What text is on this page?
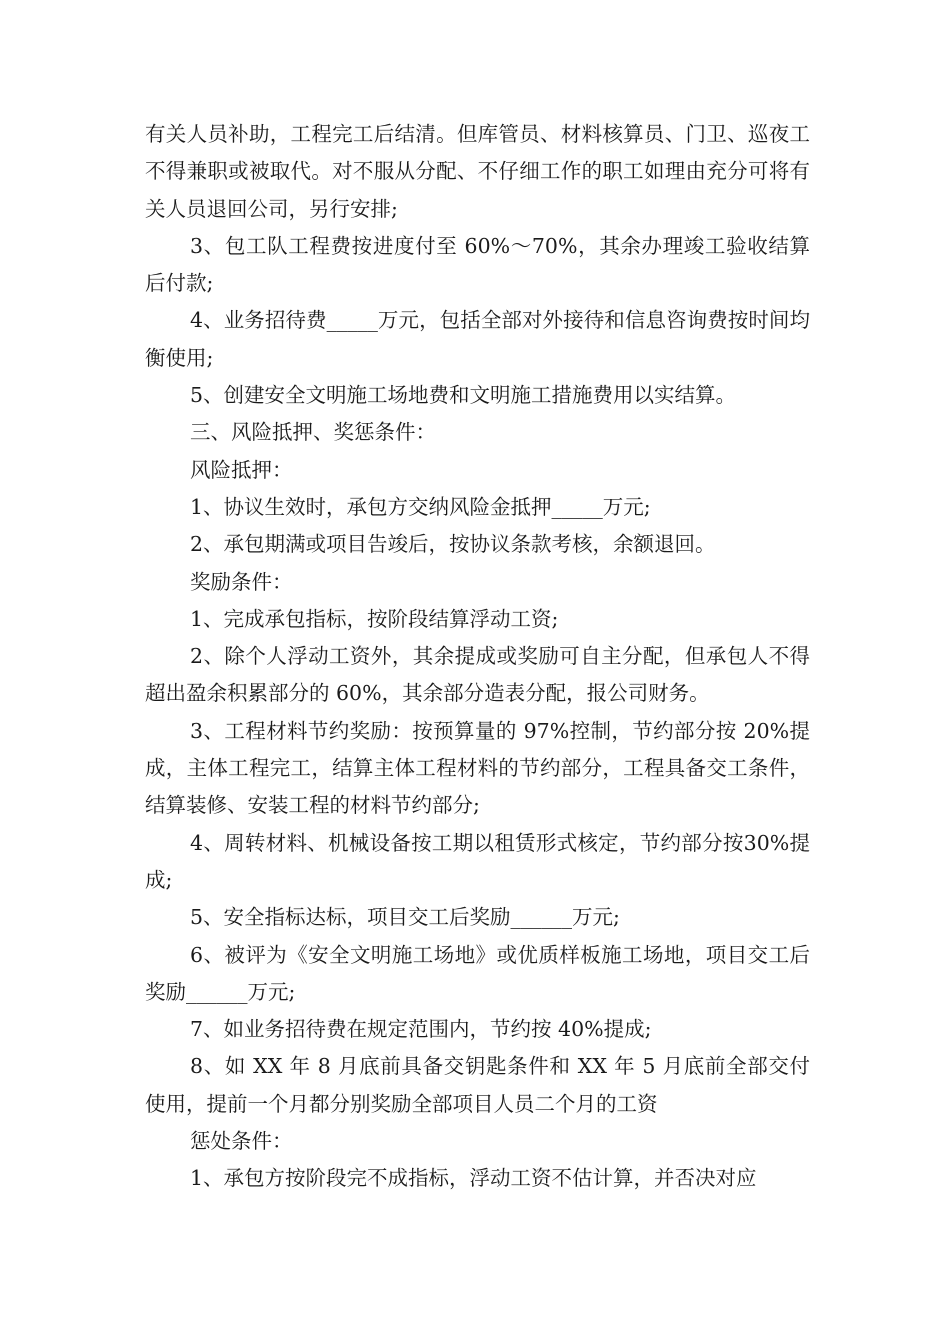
有关人员补助，工程完工后结清。但库管员、材料核算员、门卫、巡夜工不得兼职或被取代。对不服从分配、不仔细工作的职工如理由充分可将有关人员退回公司，另行安排;

3、包工队工程费按进度付至 60%～70%，其余办理竣工验收结算后付款;

4、业务招待费_____万元，包括全部对外接待和信息咨询费按时间均衡使用;

5、创建安全文明施工场地费和文明施工措施费用以实结算。

三、风险抵押、奖惩条件：

风险抵押：

1、协议生效时，承包方交纳风险金抵押_____万元;

2、承包期满或项目告竣后，按协议条款考核，余额退回。

奖励条件：

1、完成承包指标，按阶段结算浮动工资;

2、除个人浮动工资外，其余提成或奖励可自主分配，但承包人不得超出盈余积累部分的 60%，其余部分造表分配，报公司财务。

3、工程材料节约奖励：按预算量的 97%控制，节约部分按 20%提成，主体工程完工，结算主体工程材料的节约部分，工程具备交工条件，结算装修、安装工程的材料节约部分;

4、周转材料、机械设备按工期以租赁形式核定，节约部分按30%提成;

5、安全指标达标，项目交工后奖励______万元;

6、被评为《安全文明施工场地》或优质样板施工场地，项目交工后奖励______万元;

7、如业务招待费在规定范围内，节约按 40%提成;

8、如 XX 年 8 月底前具备交钥匙条件和 XX 年 5 月底前全部交付使用，提前一个月都分别奖励全部项目人员二个月的工资

惩处条件：

1、承包方按阶段完不成指标，浮动工资不估计算，并否决对应
